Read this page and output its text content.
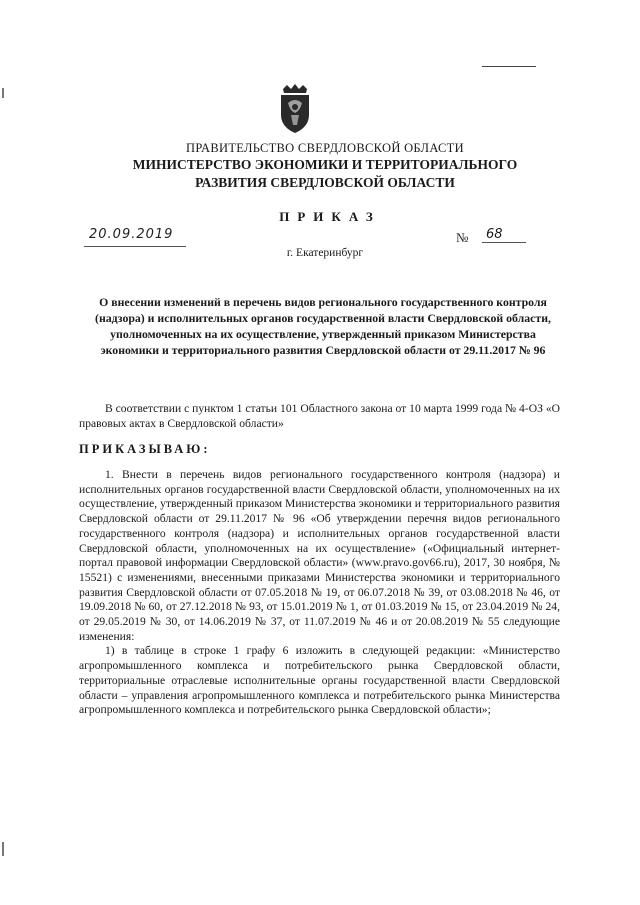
ПРАВИТЕЛЬСТВО СВЕРДЛОВСКОЙ ОБЛАСТИ
МИНИСТЕРСТВО ЭКОНОМИКИ И ТЕРРИТОРИАЛЬНОГО
РАЗВИТИЯ СВЕРДЛОВСКОЙ ОБЛАСТИ
ПРИКАЗ
20.09.2019	№	68
г. Екатеринбург
О внесении изменений в перечень видов регионального государственного контроля (надзора) и исполнительных органов государственной власти Свердловской области, уполномоченных на их осуществление, утвержденный приказом Министерства экономики и территориального развития Свердловской области от 29.11.2017 № 96

В соответствии с пунктом 1 статьи 101 Областного закона от 10 марта 1999 года № 4-ОЗ «О правовых актах в Свердловской области»

ПРИКАЗЫВАЮ:

1. Внести в перечень видов регионального государственного контроля (надзора) и исполнительных органов государственной власти Свердловской области, уполномоченных на их осуществление, утвержденный приказом Министерства экономики и территориального развития Свердловской области от 29.11.2017 № 96 «Об утверждении перечня видов регионального государственного контроля (надзора) и исполнительных органов государственной власти Свердловской области, уполномоченных на их осуществление» («Официальный интернет-портал правовой информации Свердловской области» (www.pravo.gov66.ru), 2017, 30 ноября, № 15521) с изменениями, внесенными приказами Министерства экономики и территориального развития Свердловской области от 07.05.2018 № 19, от 06.07.2018 № 39, от 03.08.2018 № 46, от 19.09.2018 № 60, от 27.12.2018 № 93, от 15.01.2019 № 1, от 01.03.2019 № 15, от 23.04.2019 № 24, от 29.05.2019 № 30, от 14.06.2019 № 37, от 11.07.2019 № 46 и от 20.08.2019 № 55 следующие изменения:

1) в таблице в строке 1 графу 6 изложить в следующей редакции: «Министерство агропромышленного комплекса и потребительского рынка Свердловской области, территориальные отраслевые исполнительные органы государственной власти Свердловской области – управления агропромышленного комплекса и потребительского рынка Министерства агропромышленного комплекса и потребительского рынка Свердловской области»;
